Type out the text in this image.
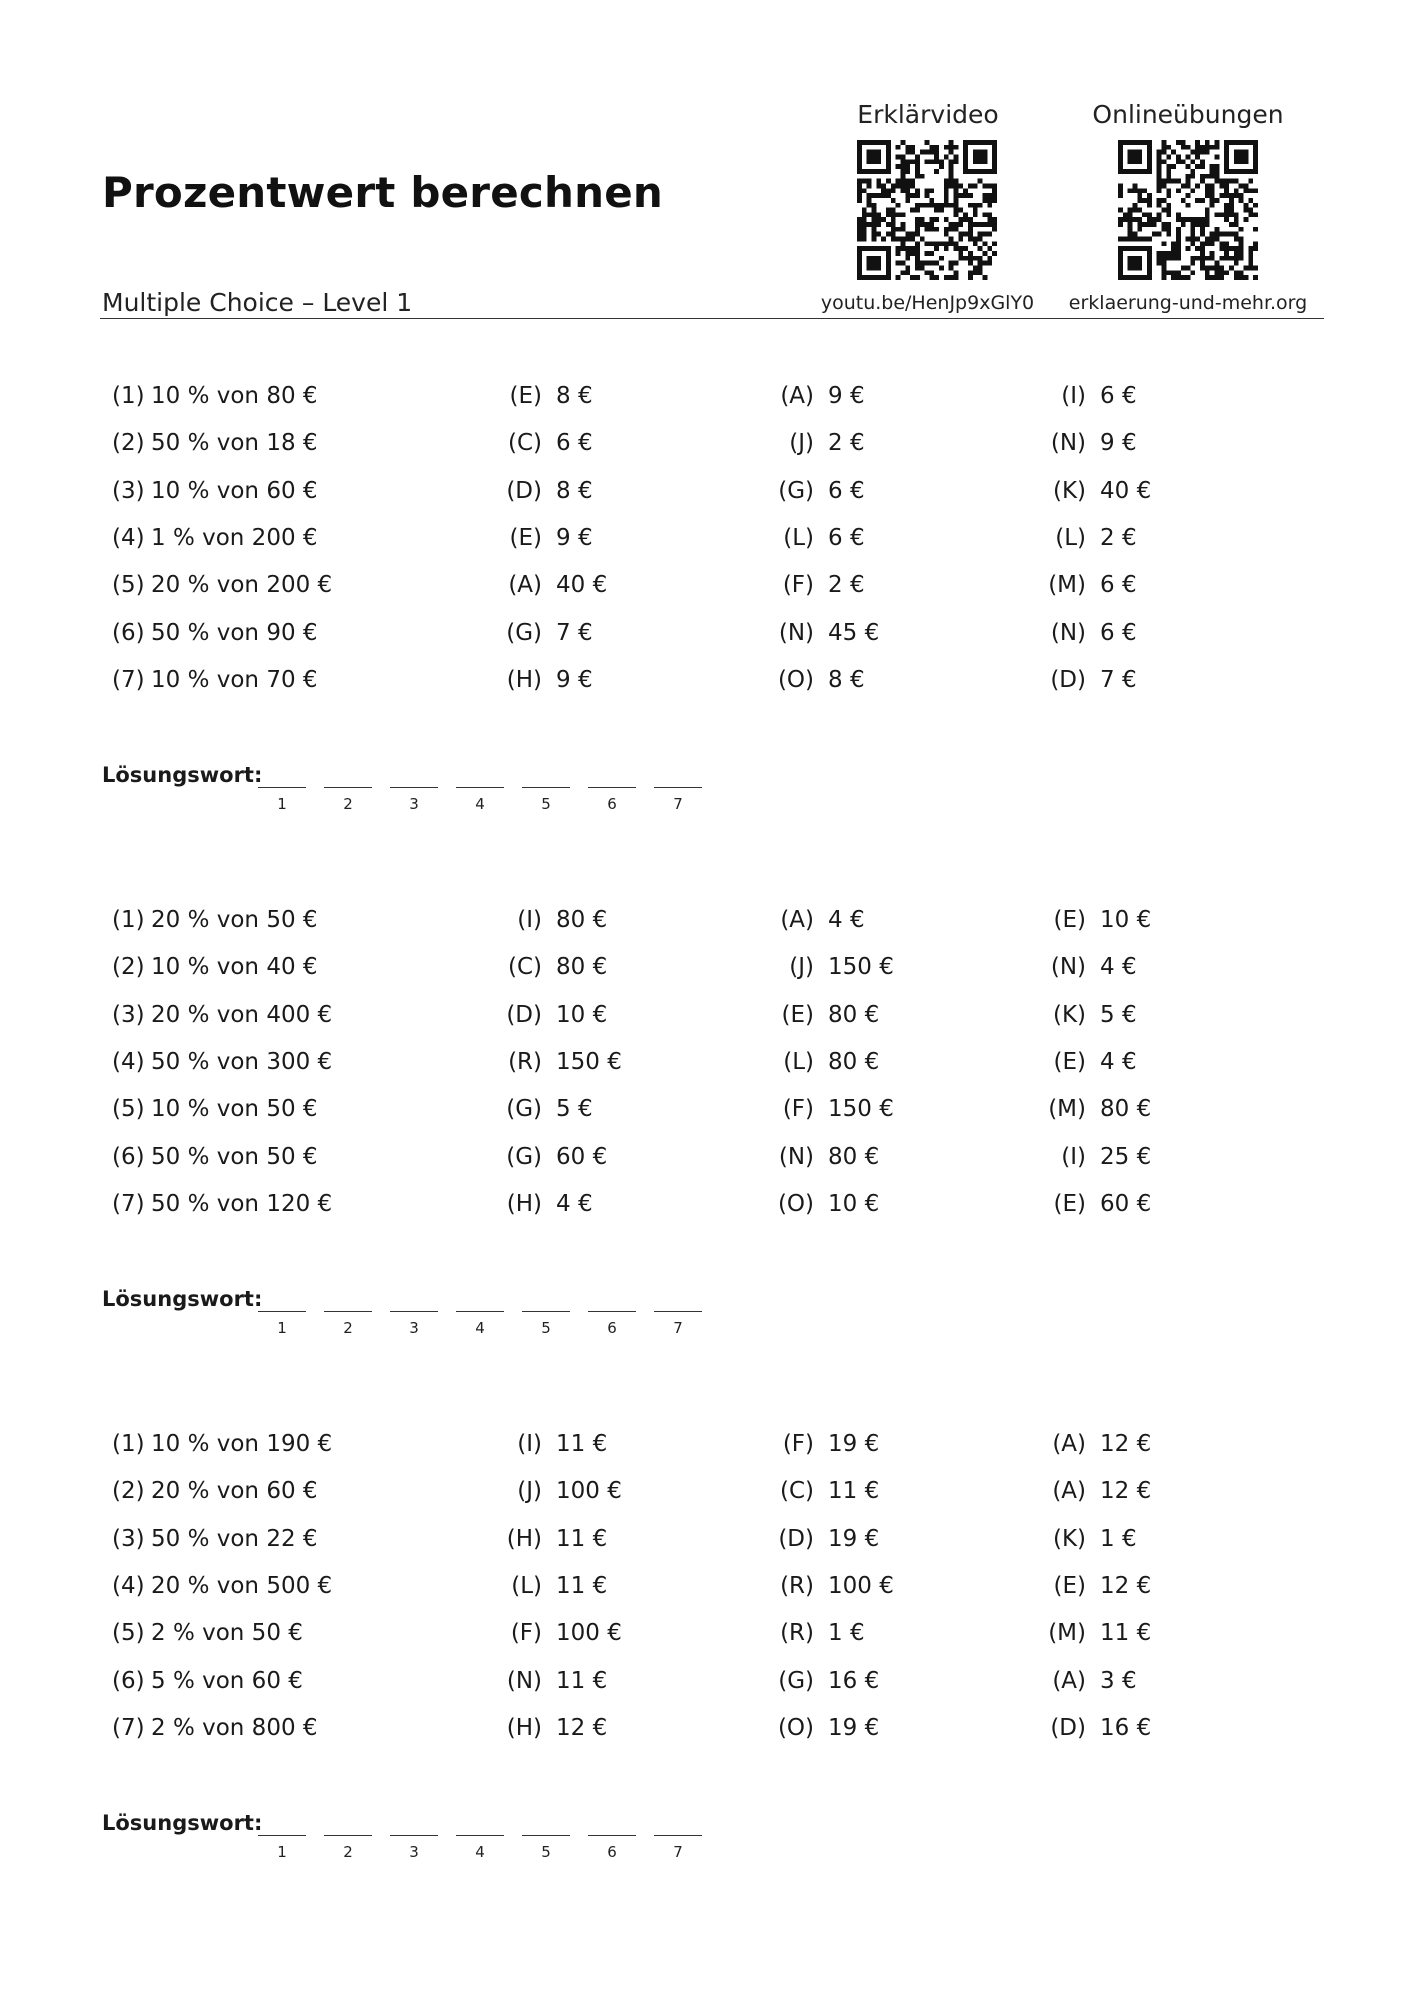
Prozentwert berechnen
Multiple Choice – Level 1
Erklärvideo
youtu.be/HenJp9xGlY0
Onlineübungen
erklaerung-und-mehr.org
(1) 10 % von 80 €	(E) 8 €	(A) 9 €	(I) 6 €
(2) 50 % von 18 €	(C) 6 €	(J) 2 €	(N) 9 €
(3) 10 % von 60 €	(D) 8 €	(G) 6 €	(K) 40 €
(4) 1 % von 200 €	(E) 9 €	(L) 6 €	(L) 2 €
(5) 20 % von 200 €	(A) 40 €	(F) 2 €	(M) 6 €
(6) 50 % von 90 €	(G) 7 €	(N) 45 €	(N) 6 €
(7) 10 % von 70 €	(H) 9 €	(O) 8 €	(D) 7 €
Lösungswort:
1	2	3	4	5	6	7
(1) 20 % von 50 €	(I) 80 €	(A) 4 €	(E) 10 €
(2) 10 % von 40 €	(C) 80 €	(J) 150 €	(N) 4 €
(3) 20 % von 400 €	(D) 10 €	(E) 80 €	(K) 5 €
(4) 50 % von 300 €	(R) 150 €	(L) 80 €	(E) 4 €
(5) 10 % von 50 €	(G) 5 €	(F) 150 €	(M) 80 €
(6) 50 % von 50 €	(G) 60 €	(N) 80 €	(I) 25 €
(7) 50 % von 120 €	(H) 4 €	(O) 10 €	(E) 60 €
Lösungswort:
1	2	3	4	5	6	7
(1) 10 % von 190 €	(I) 11 €	(F) 19 €	(A) 12 €
(2) 20 % von 60 €	(J) 100 €	(C) 11 €	(A) 12 €
(3) 50 % von 22 €	(H) 11 €	(D) 19 €	(K) 1 €
(4) 20 % von 500 €	(L) 11 €	(R) 100 €	(E) 12 €
(5) 2 % von 50 €	(F) 100 €	(R) 1 €	(M) 11 €
(6) 5 % von 60 €	(N) 11 €	(G) 16 €	(A) 3 €
(7) 2 % von 800 €	(H) 12 €	(O) 19 €	(D) 16 €
Lösungswort:
1	2	3	4	5	6	7
